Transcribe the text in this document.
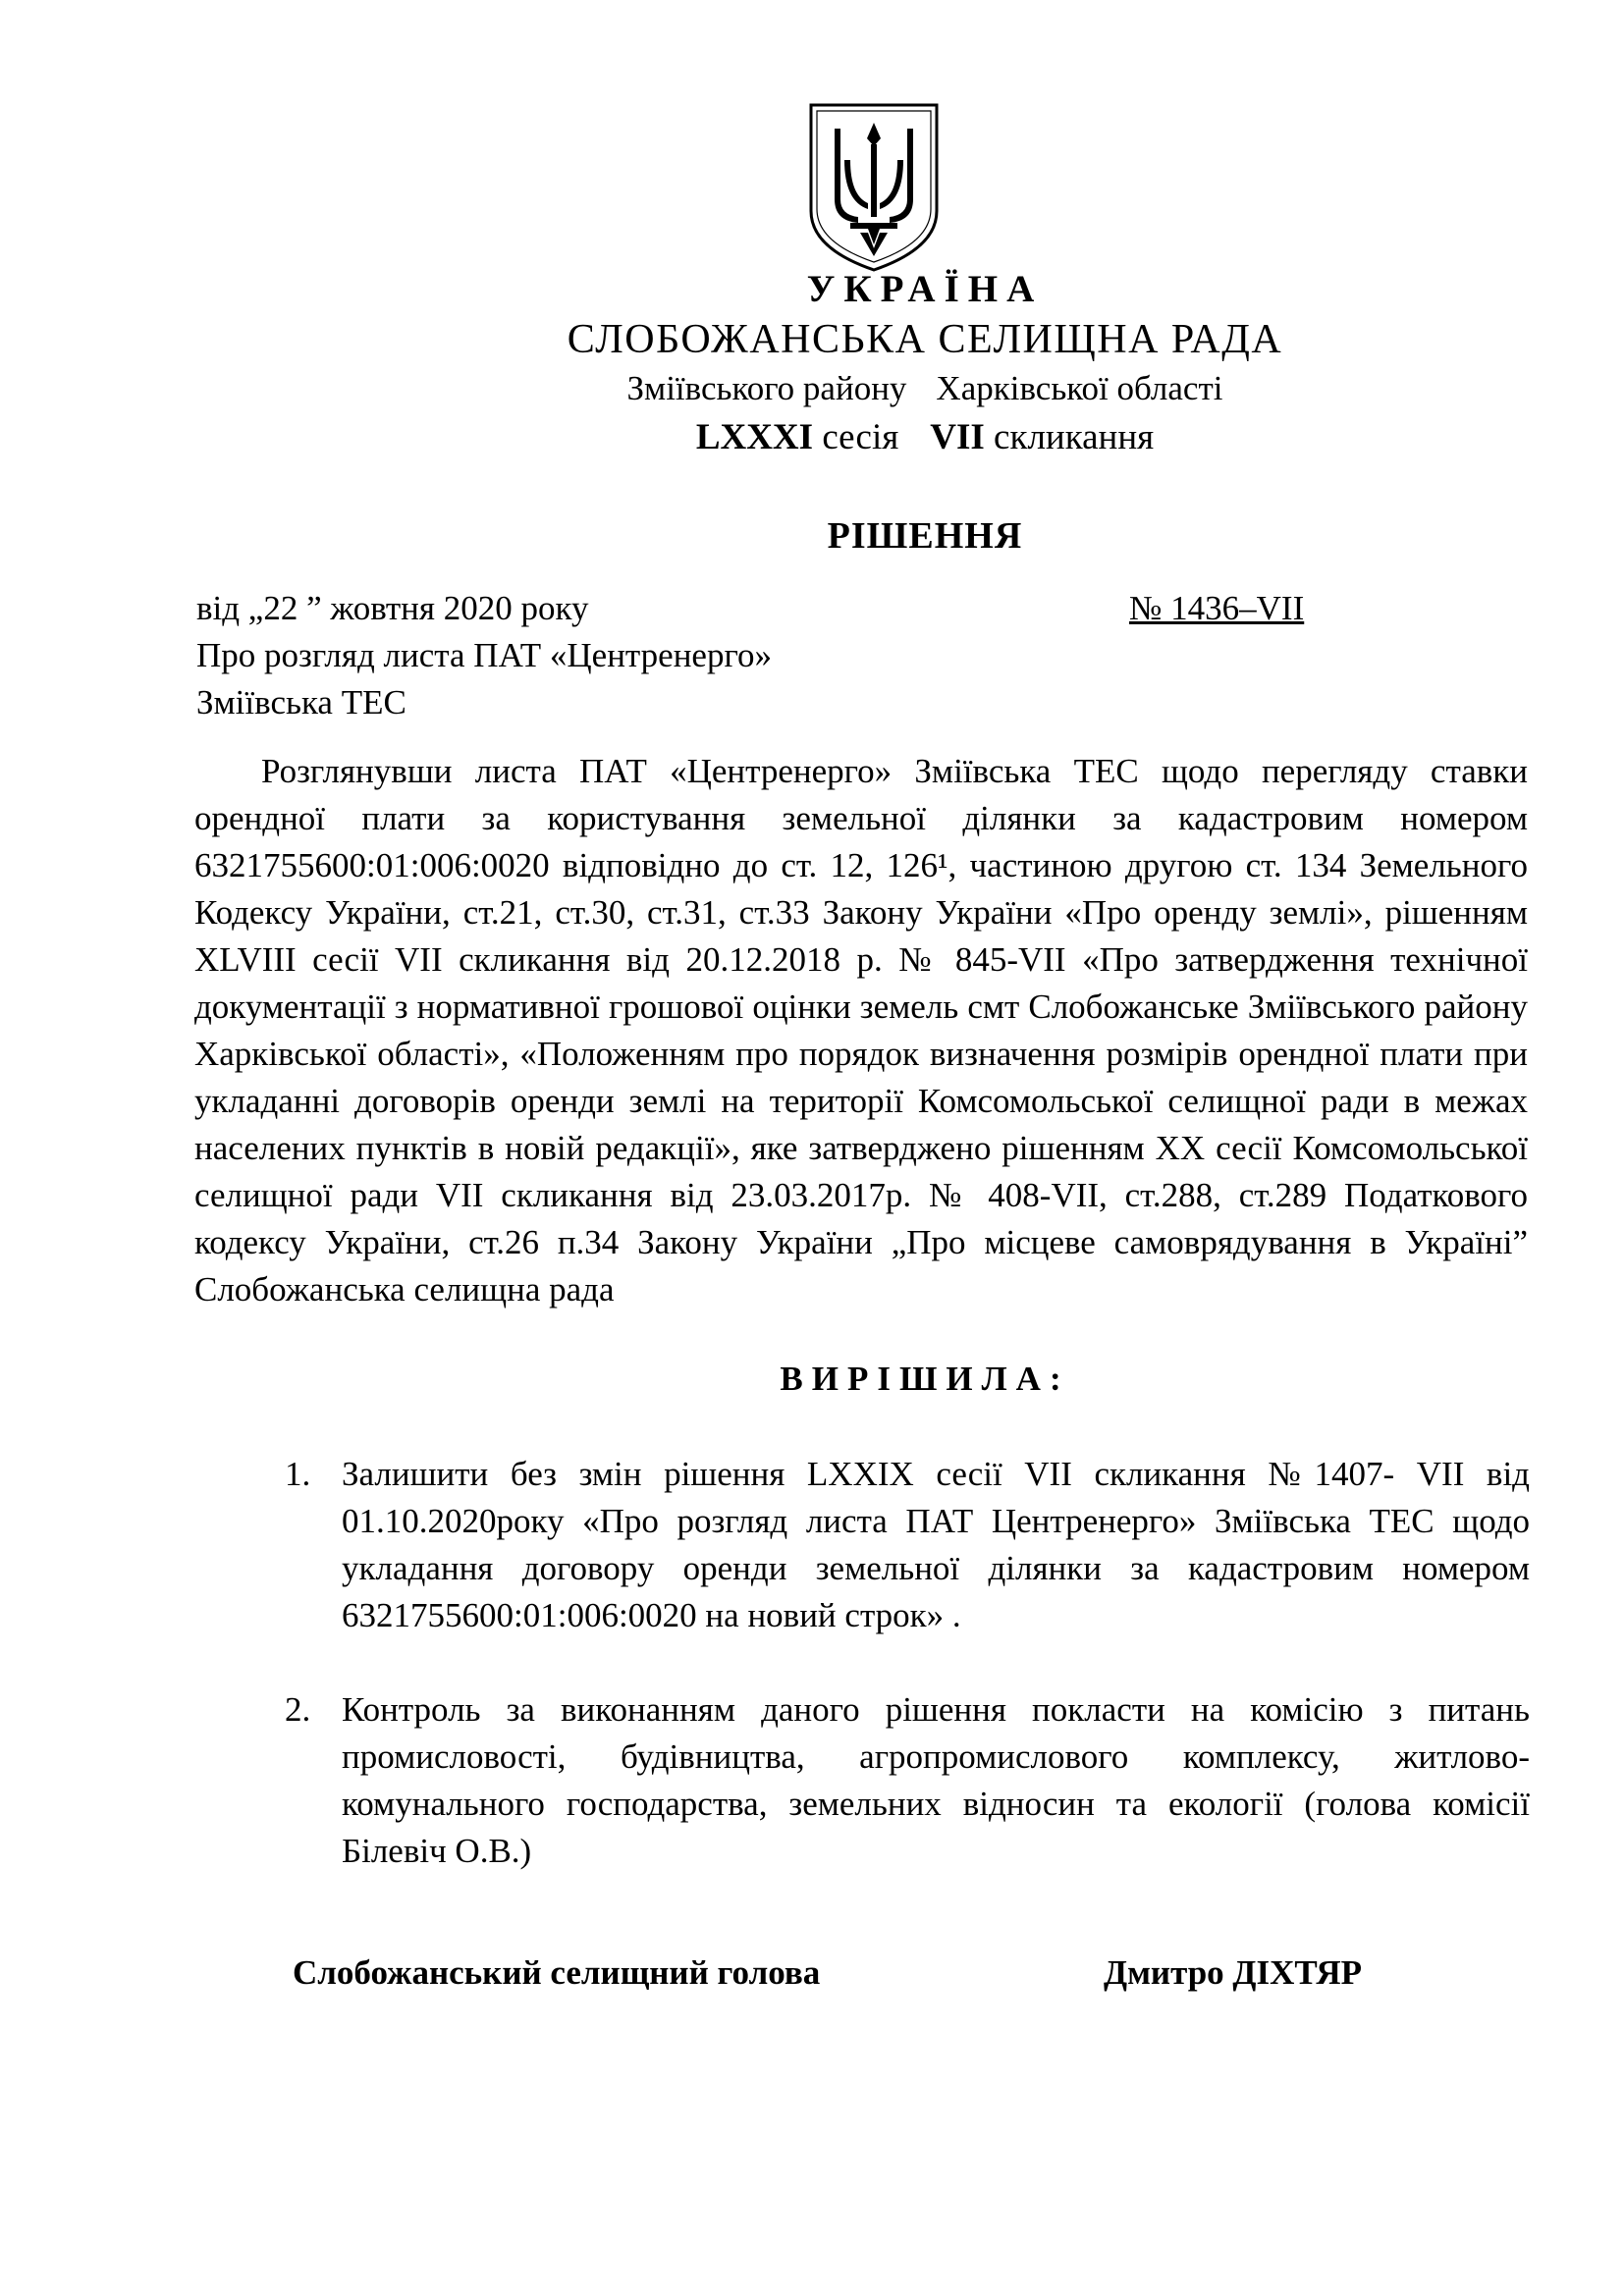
УКРАЇНА
СЛОБОЖАНСЬКА СЕЛИЩНА РАДА
Зміївського району Харківської області
LXXXI сесія VII скликання
РІШЕННЯ
від „22 ” жовтня 2020 року	№ 1436–VII
Про розгляд листа ПАТ «Центренерго»
Зміївська ТЕС

Розглянувши листа ПАТ «Центренерго» Зміївська ТЕС щодо перегляду ставки орендної плати за користування земельної ділянки за кадастровим номером 6321755600:01:006:0020 відповідно до ст. 12, 126¹, частиною другою ст. 134 Земельного Кодексу України, ст.21, ст.30, ст.31, ст.33 Закону України «Про оренду землі», рішенням XLVIII сесії VII скликання від 20.12.2018 р. № 845-VII «Про затвердження технічної документації з нормативної грошової оцінки земель смт Слобожанське Зміївського району Харківської області», «Положенням про порядок визначення розмірів орендної плати при укладанні договорів оренди землі на території Комсомольської селищної ради в межах населених пунктів в новій редакції», яке затверджено рішенням XX сесії Комсомольської селищної ради VII скликання від 23.03.2017р. № 408-VII, ст.288, ст.289 Податкового кодексу України, ст.26 п.34 Закону України „Про місцеве самоврядування в Україні” Слобожанська селищна рада

ВИРІШИЛА:
1. Залишити без змін рішення LXXIX сесії VII скликання №1407- VII від 01.10.2020року «Про розгляд листа ПАТ Центренерго» Зміївська ТЕС щодо укладання договору оренди земельної ділянки за кадастровим номером 6321755600:01:006:0020 на новий строк» .
2. Контроль за виконанням даного рішення покласти на комісію з питань промисловості, будівництва, агропромислового комплексу, житлово-комунального господарства, земельних відносин та екології (голова комісії Білевіч О.В.)
Слобожанський селищний голова	Дмитро ДІХТЯР
